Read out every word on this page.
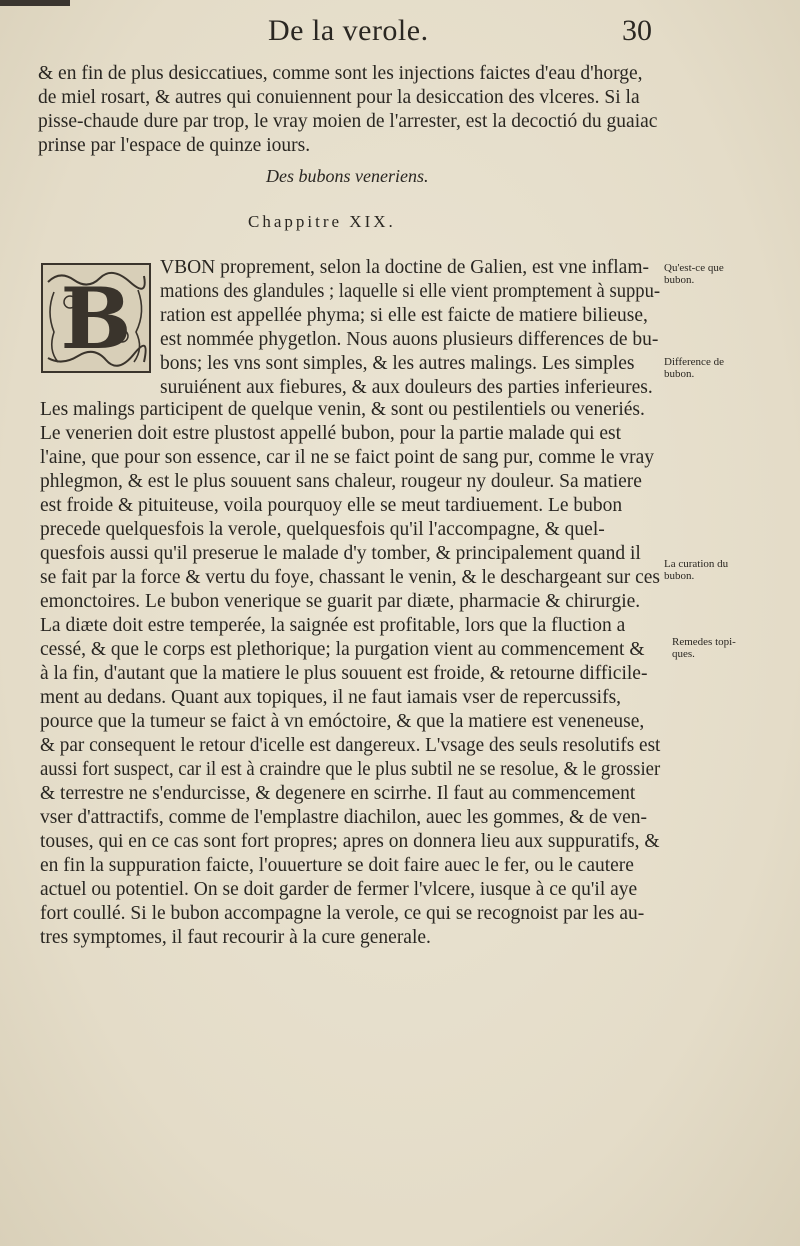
De la verole.	30
& en fin de plus desiccatiues, comme sont les injections faictes d'eau d'horge,
de miel rosart, & autres qui conuiennent pour la desiccation des vlceres. Si la
pisse-chaude dure par trop, le vray moien de l'arrester, est la decoctió du guaiac
prinse par l'espace de quinze iours.
Des bubons veneriens.
Chappitre XIX.
B
VBON proprement, selon la doctine de Galien, est vne inflam-
mations des glandules ; laquelle si elle vient promptement à suppu-
ration est appellée phyma; si elle est faicte de matiere bilieuse,
est nommée phygetlon. Nous auons plusieurs differences de bu-
bons; les vns sont simples, & les autres malings. Les simples
suruiénent aux fiebures, & aux douleurs des parties inferieures.
Les malings participent de quelque venin, & sont ou pestilentiels ou veneriés.
Le venerien doit estre plustost appellé bubon, pour la partie malade qui est
l'aine, que pour son essence, car il ne se faict point de sang pur, comme le vray
phlegmon, & est le plus souuent sans chaleur, rougeur ny douleur. Sa matiere
est froide & pituiteuse, voila pourquoy elle se meut tardiuement. Le bubon
precede quelquesfois la verole, quelquesfois qu'il l'accompagne, & quel-
quesfois aussi qu'il preserue le malade d'y tomber, & principalement quand il
se fait par la force & vertu du foye, chassant le venin, & le deschargeant sur ces
emonctoires. Le bubon venerique se guarit par diæte, pharmacie & chirurgie.
La diæte doit estre temperée, la saignée est profitable, lors que la fluction a
cessé, & que le corps est plethorique; la purgation vient au commencement &
à la fin, d'autant que la matiere le plus souuent est froide, & retourne difficile-
ment au dedans. Quant aux topiques, il ne faut iamais vser de repercussifs,
pource que la tumeur se faict à vn emóctoire, & que la matiere est veneneuse,
& par consequent le retour d'icelle est dangereux. L'vsage des seuls resolutifs est
aussi fort suspect, car il est à craindre que le plus subtil ne se resolue, & le grossier
& terrestre ne s'endurcisse, & degenere en scirrhe. Il faut au commencement
vser d'attractifs, comme de l'emplastre diachilon, auec les gommes, & de ven-
touses, qui en ce cas sont fort propres; apres on donnera lieu aux suppuratifs, &
en fin la suppuration faicte, l'ouuerture se doit faire auec le fer, ou le cautere
actuel ou potentiel. On se doit garder de fermer l'vlcere, iusque à ce qu'il aye
fort coullé. Si le bubon accompagne la verole, ce qui se recognoist par les au-
tres symptomes, il faut recourir à la cure generale.
Qu'est-ce que
bubon.
Difference de
bubon.
La curation du
bubon.
Remedes topi-
ques.
